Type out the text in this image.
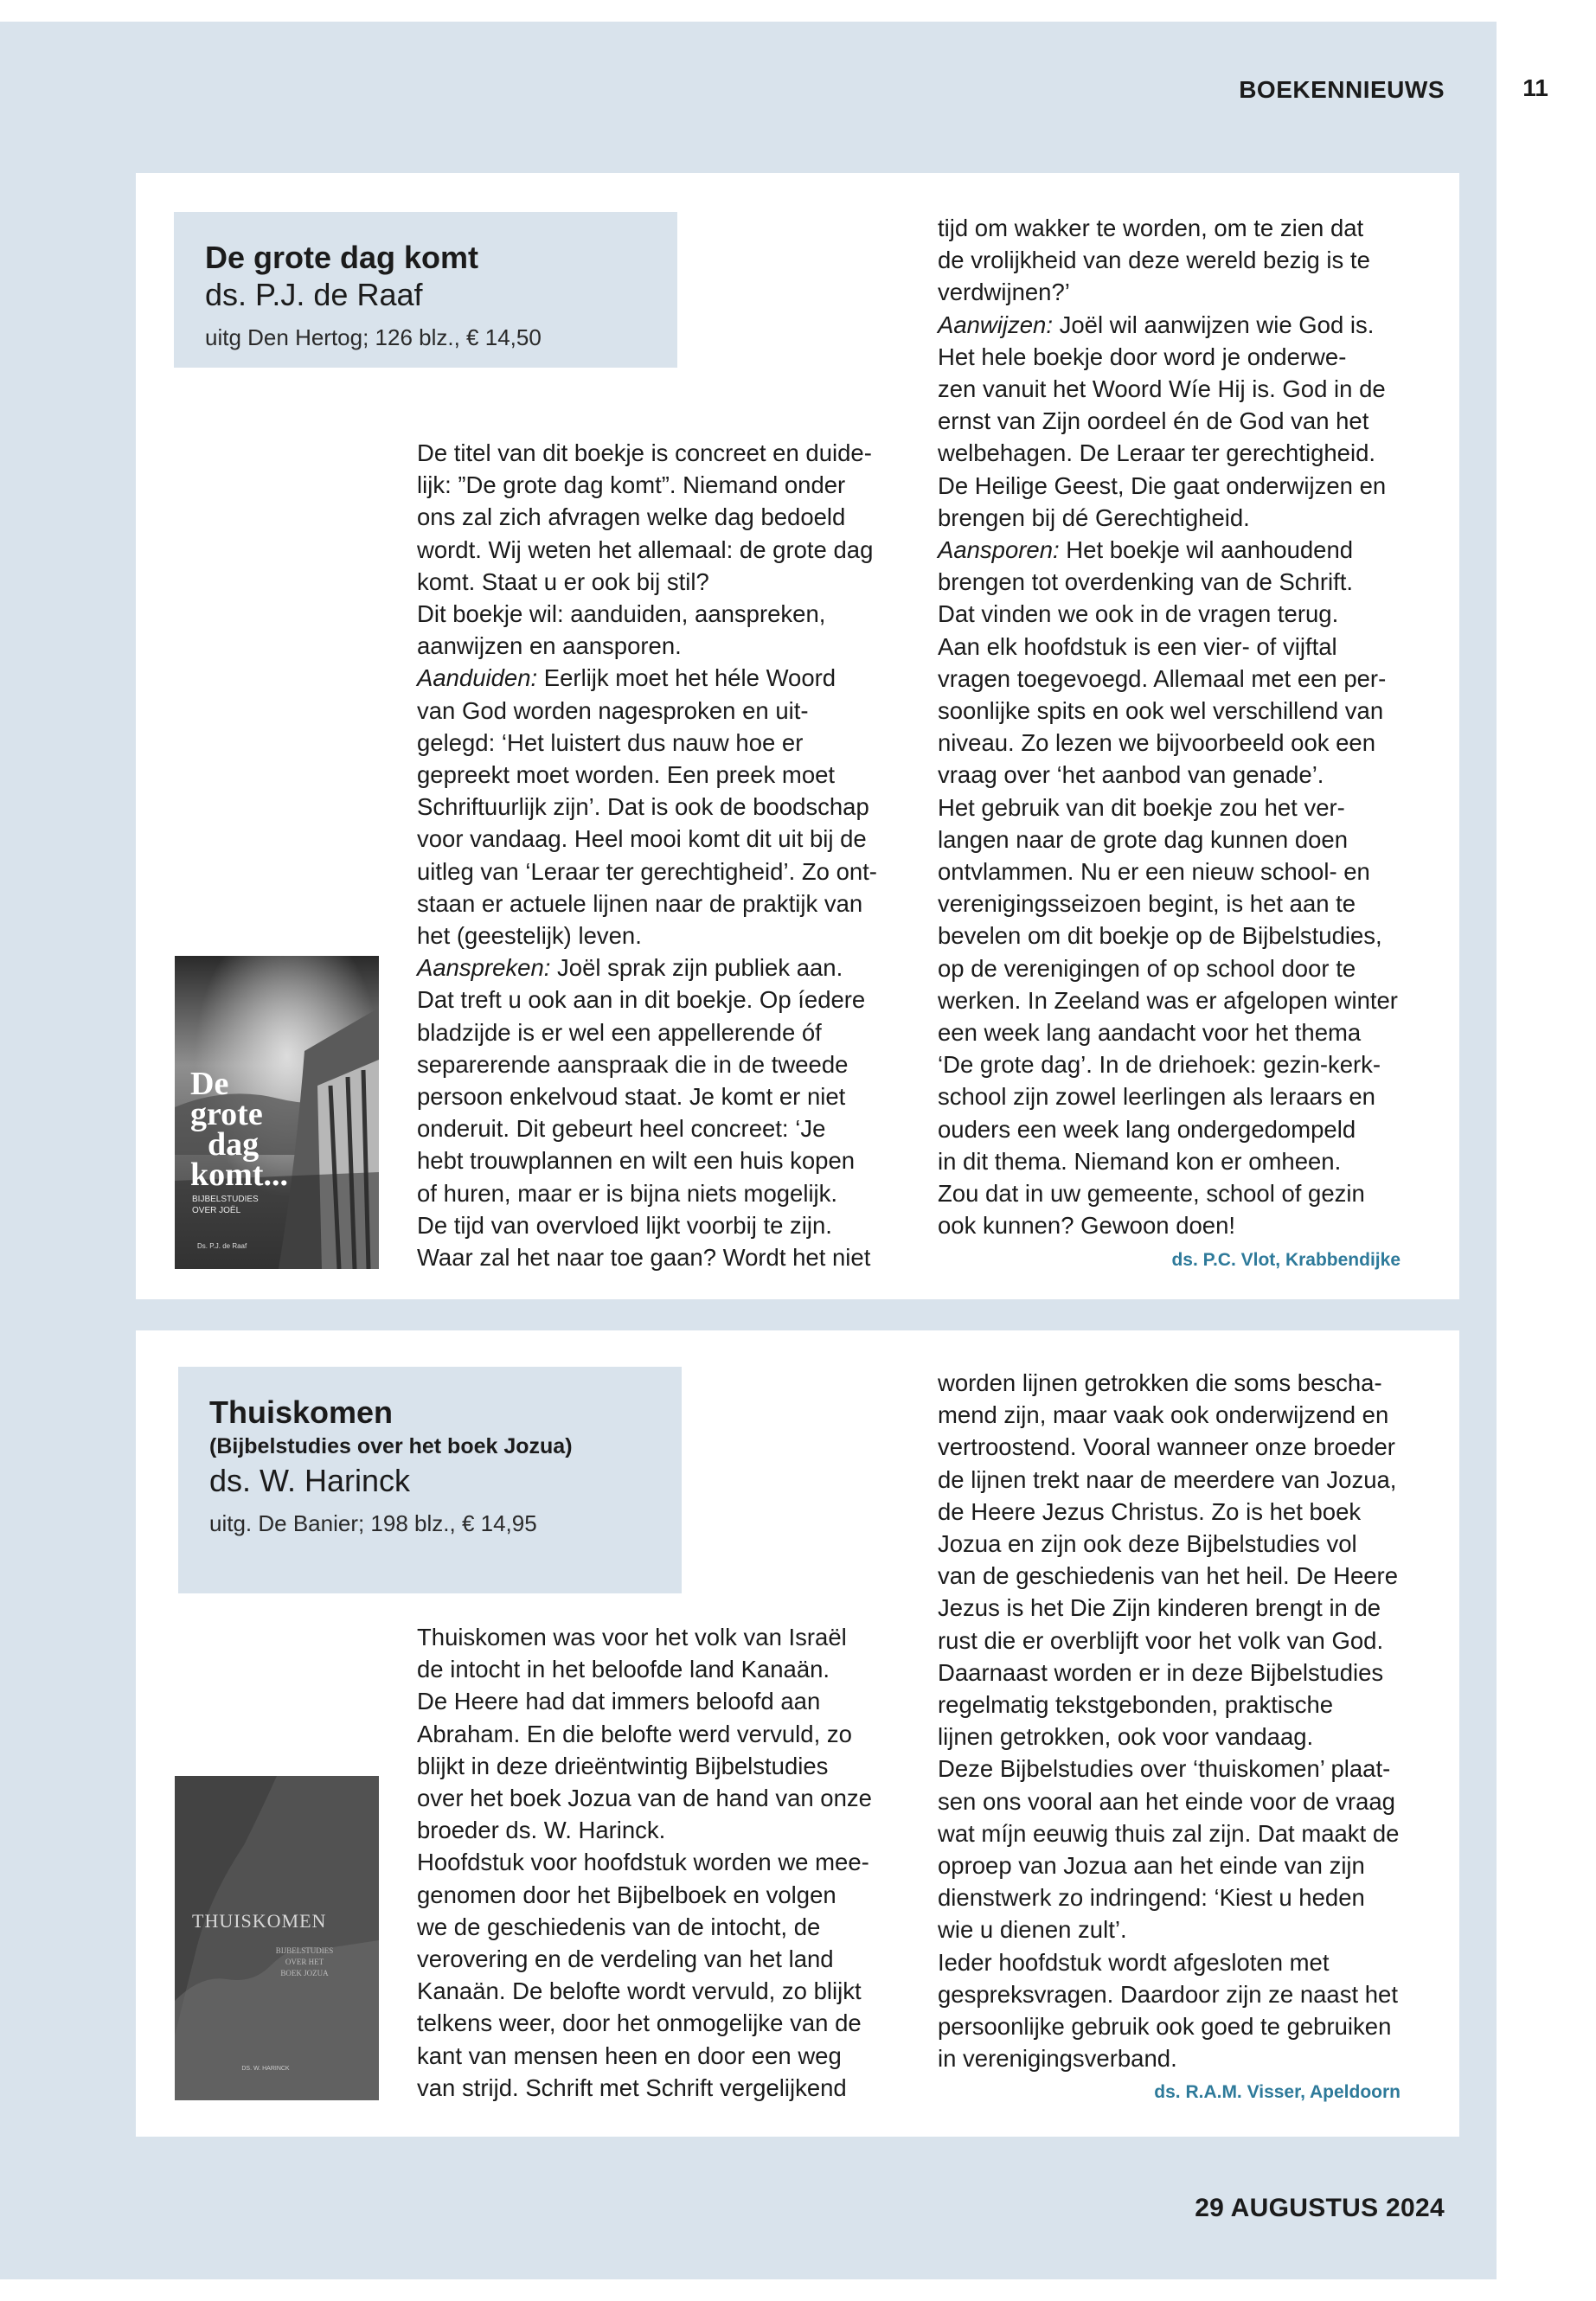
BOEKENNIEUWS	11
De grote dag komt
ds. P.J. de Raaf
uitg Den Hertog; 126 blz., € 14,50
De
grote
dag
komt...
BIJBELSTUDIES
OVER JOËL
Ds. P.J. de Raaf

De titel van dit boekje is concreet en duide-

lijk: ”De grote dag komt”. Niemand onder

ons zal zich afvragen welke dag bedoeld

wordt. Wij weten het allemaal: de grote dag

komt. Staat u er ook bij stil?

Dit boekje wil: aanduiden, aanspreken,

aanwijzen en aansporen.

Aanduiden: Eerlijk moet het héle Woord

van God worden nagesproken en uit-

gelegd: ‘Het luistert dus nauw hoe er

gepreekt moet worden. Een preek moet

Schriftuurlijk zijn’. Dat is ook de boodschap

voor vandaag. Heel mooi komt dit uit bij de

uitleg van ‘Leraar ter gerechtigheid’. Zo ont-

staan er actuele lijnen naar de praktijk van

het (geestelijk) leven.

Aanspreken: Joël sprak zijn publiek aan.

Dat treft u ook aan in dit boekje. Op íedere

bladzijde is er wel een appellerende óf

separerende aanspraak die in de tweede

persoon enkelvoud staat. Je komt er niet

onderuit. Dit gebeurt heel concreet: ‘Je

hebt trouwplannen en wilt een huis kopen

of huren, maar er is bijna niets mogelijk.

De tijd van overvloed lijkt voorbij te zijn.

Waar zal het naar toe gaan? Wordt het niet

tijd om wakker te worden, om te zien dat

de vrolijkheid van deze wereld bezig is te

verdwijnen?’

Aanwijzen: Joël wil aanwijzen wie God is.

Het hele boekje door word je onderwe-

zen vanuit het Woord Wíe Hij is. God in de

ernst van Zijn oordeel én de God van het

welbehagen. De Leraar ter gerechtigheid.

De Heilige Geest, Die gaat onderwijzen en

brengen bij dé Gerechtigheid.

Aansporen: Het boekje wil aanhoudend

brengen tot overdenking van de Schrift.

Dat vinden we ook in de vragen terug.

Aan elk hoofdstuk is een vier- of vijftal

vragen toegevoegd. Allemaal met een per-

soonlijke spits en ook wel verschillend van

niveau. Zo lezen we bijvoorbeeld ook een

vraag over ‘het aanbod van genade’.

Het gebruik van dit boekje zou het ver-

langen naar de grote dag kunnen doen

ontvlammen. Nu er een nieuw school- en

verenigingsseizoen begint, is het aan te

bevelen om dit boekje op de Bijbelstudies,

op de verenigingen of op school door te

werken. In Zeeland was er afgelopen winter

een week lang aandacht voor het thema

‘De grote dag’. In de driehoek: gezin-kerk-

school zijn zowel leerlingen als leraars en

ouders een week lang ondergedompeld

in dit thema. Niemand kon er omheen.

Zou dat in uw gemeente, school of gezin

ook kunnen? Gewoon doen!

ds. P.C. Vlot, Krabbendijke
Thuiskomen
(Bijbelstudies over het boek Jozua)
ds. W. Harinck
uitg. De Banier; 198 blz., € 14,95
THUISKOMEN
BIJBELSTUDIES
OVER HET
BOEK JOZUA
DS. W. HARINCK

Thuiskomen was voor het volk van Israël

de intocht in het beloofde land Kanaän.

De Heere had dat immers beloofd aan

Abraham. En die belofte werd vervuld, zo

blijkt in deze drieëntwintig Bijbelstudies

over het boek Jozua van de hand van onze

broeder ds. W. Harinck.

Hoofdstuk voor hoofdstuk worden we mee-

genomen door het Bijbelboek en volgen

we de geschiedenis van de intocht, de

verovering en de verdeling van het land

Kanaän. De belofte wordt vervuld, zo blijkt

telkens weer, door het onmogelijke van de

kant van mensen heen en door een weg

van strijd. Schrift met Schrift vergelijkend

worden lijnen getrokken die soms bescha-

mend zijn, maar vaak ook onderwijzend en

vertroostend. Vooral wanneer onze broeder

de lijnen trekt naar de meerdere van Jozua,

de Heere Jezus Christus. Zo is het boek

Jozua en zijn ook deze Bijbelstudies vol

van de geschiedenis van het heil. De Heere

Jezus is het Die Zijn kinderen brengt in de

rust die er overblijft voor het volk van God.

Daarnaast worden er in deze Bijbelstudies

regelmatig tekstgebonden, praktische

lijnen getrokken, ook voor vandaag.

Deze Bijbelstudies over ‘thuiskomen’ plaat-

sen ons vooral aan het einde voor de vraag

wat míjn eeuwig thuis zal zijn. Dat maakt de

oproep van Jozua aan het einde van zijn

dienstwerk zo indringend: ‘Kiest u heden

wie u dienen zult’.

Ieder hoofdstuk wordt afgesloten met

gespreksvragen. Daardoor zijn ze naast het

persoonlijke gebruik ook goed te gebruiken

in verenigingsverband.

ds. R.A.M. Visser, Apeldoorn
29 AUGUSTUS 2024
